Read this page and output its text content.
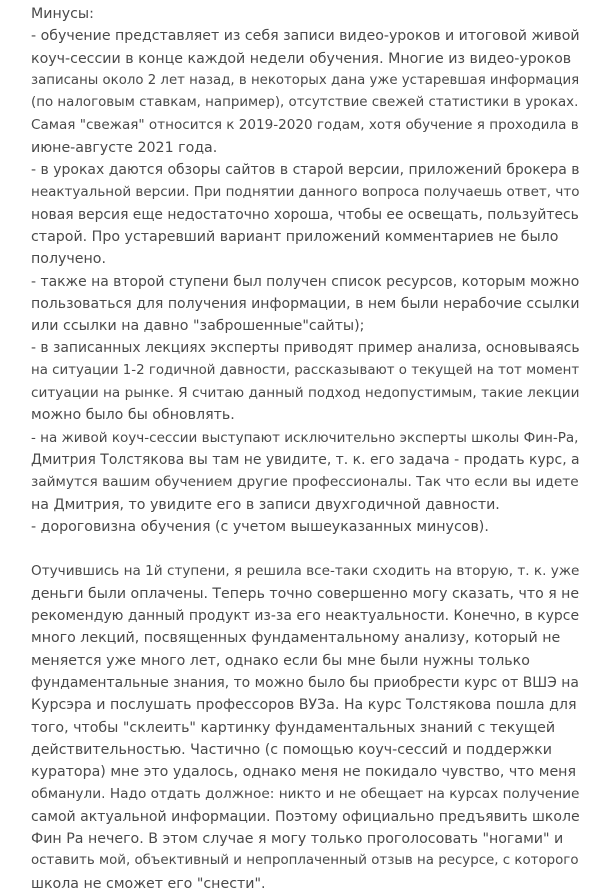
Минусы:
- обучение представляет из себя записи видео-уроков и итоговой живой
коуч-сессии в конце каждой недели обучения. Многие из видео-уроков
записаны около 2 лет назад, в некоторых дана уже устаревшая информация
(по налоговым ставкам, например), отсутствие свежей статистики в уроках.
Самая "свежая" относится к 2019-2020 годам, хотя обучение я проходила в
июне-августе 2021 года.
- в уроках даются обзоры сайтов в старой версии, приложений брокера в
неактуальной версии. При поднятии данного вопроса получаешь ответ, что
новая версия еще недостаточно хороша, чтобы ее освещать, пользуйтесь
старой. Про устаревший вариант приложений комментариев не было
получено.
- также на второй ступени был получен список ресурсов, которым можно
пользоваться для получения информации, в нем были нерабочие ссылки
или ссылки на давно "заброшенные"сайты);
- в записанных лекциях эксперты приводят пример анализа, основываясь
на ситуации 1-2 годичной давности, рассказывают о текущей на тот момент
ситуации на рынке. Я считаю данный подход недопустимым, такие лекции
можно было бы обновлять.
- на живой коуч-сессии выступают исключительно эксперты школы Фин-Ра,
Дмитрия Толстякова вы там не увидите, т. к. его задача - продать курс, а
займутся вашим обучением другие профессионалы. Так что если вы идете
на Дмитрия, то увидите его в записи двухгодичной давности.
- дороговизна обучения (с учетом вышеуказанных минусов).
Отучившись на 1й ступени, я решила все-таки сходить на вторую, т. к. уже
деньги были оплачены. Теперь точно совершенно могу сказать, что я не
рекомендую данный продукт из-за его неактуальности. Конечно, в курсе
много лекций, посвященных фундаментальному анализу, который не
меняется уже много лет, однако если бы мне были нужны только
фундаментальные знания, то можно было бы приобрести курс от ВШЭ на
Курсэра и послушать профессоров ВУЗа. На курс Толстякова пошла для
того, чтобы "склеить" картинку фундаментальных знаний с текущей
действительностью. Частично (с помощью коуч-сессий и поддержки
куратора) мне это удалось, однако меня не покидало чувство, что меня
обманули. Надо отдать должное: никто и не обещает на курсах получение
самой актуальной информации. Поэтому официально предъявить школе
Фин Ра нечего. В этом случае я могу только проголосовать "ногами" и
оставить мой, объективный и непроплаченный отзыв на ресурсе, с которого
школа не сможет его "снести".
